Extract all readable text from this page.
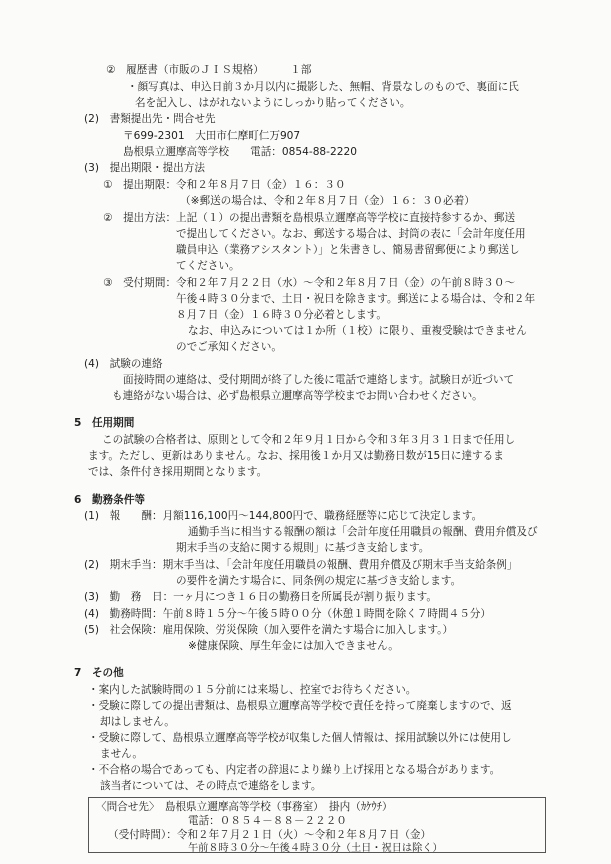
②　履歴書（市販のＪＩＳ規格）　　　１部
・顔写真は、申込日前３か月以内に撮影した、無帽、背景なしのもので、裏面に氏
名を記入し、はがれないようにしっかり貼ってください。
(2)　書類提出先・問合せ先
〒699-2301　大田市仁摩町仁万907
島根県立邇摩高等学校　　電話：0854-88-2220
(3)　提出期限・提出方法
①　提出期限：令和２年８月７日（金）１６：３０
（※郵送の場合は、令和２年８月７日（金）１６：３０必着）
②　提出方法：上記（１）の提出書類を島根県立邇摩高等学校に直接持参するか、郵送
で提出してください。なお、郵送する場合は、封筒の表に「会計年度任用
職員申込（業務アシスタント）」と朱書きし、簡易書留郵便により郵送し
てください。
③　受付期間：令和２年７月２２日（水）～令和２年８月７日（金）の午前８時３０～
午後４時３０分まで、土日・祝日を除きます。郵送による場合は、令和２年
８月７日（金）１６時３０分必着とします。
なお、申込みについては１か所（１校）に限り、重複受験はできません
のでご承知ください。
(4)　試験の連絡
面接時間の連絡は、受付期間が終了した後に電話で連絡します。試験日が近づいて
も連絡がない場合は、必ず島根県立邇摩高等学校までお問い合わせください。
5　任用期間
この試験の合格者は、原則として令和２年９月１日から令和３年３月３１日まで任用し
ます。ただし、更新はありません。なお、採用後１か月又は勤務日数が15日に達するま
では、条件付き採用期間となります。
6　勤務条件等
(1)　報　　酬：月額116,100円～144,800円で、職務経歴等に応じて決定します。
通勤手当に相当する報酬の額は「会計年度任用職員の報酬、費用弁償及び
期末手当の支給に関する規則」に基づき支給します。
(2)　期末手当：期末手当は、「会計年度任用職員の報酬、費用弁償及び期末手当支給条例」
の要件を満たす場合に、同条例の規定に基づき支給します。
(3)　勤　務　日：一ヶ月につき１６日の勤務日を所属長が割り振ります。
(4)　勤務時間：午前８時１５分～午後５時００分（休憩１時間を除く７時間４５分）
(5)　社会保険：雇用保険、労災保険（加入要件を満たす場合に加入します。）
※健康保険、厚生年金には加入できません。
7　その他
・案内した試験時間の１５分前には来場し、控室でお待ちください。
・受験に際しての提出書類は、島根県立邇摩高等学校で責任を持って廃棄しますので、返
却はしません。
・受験に際して、島根県立邇摩高等学校が収集した個人情報は、採用試験以外には使用し
ません。
・不合格の場合であっても、内定者の辞退により繰り上げ採用となる場合があります。
該当者については、その時点で連絡をします。
〈問合せ先〉　島根県立邇摩高等学校（事務室）　掛内（ｶｹｳﾁ）
電話：０８５４－８８－２２２０
（受付時間）：令和２年７月２１日（火）～令和２年８月７日（金）
午前８時３０分～午後４時３０分（土日・祝日は除く）
